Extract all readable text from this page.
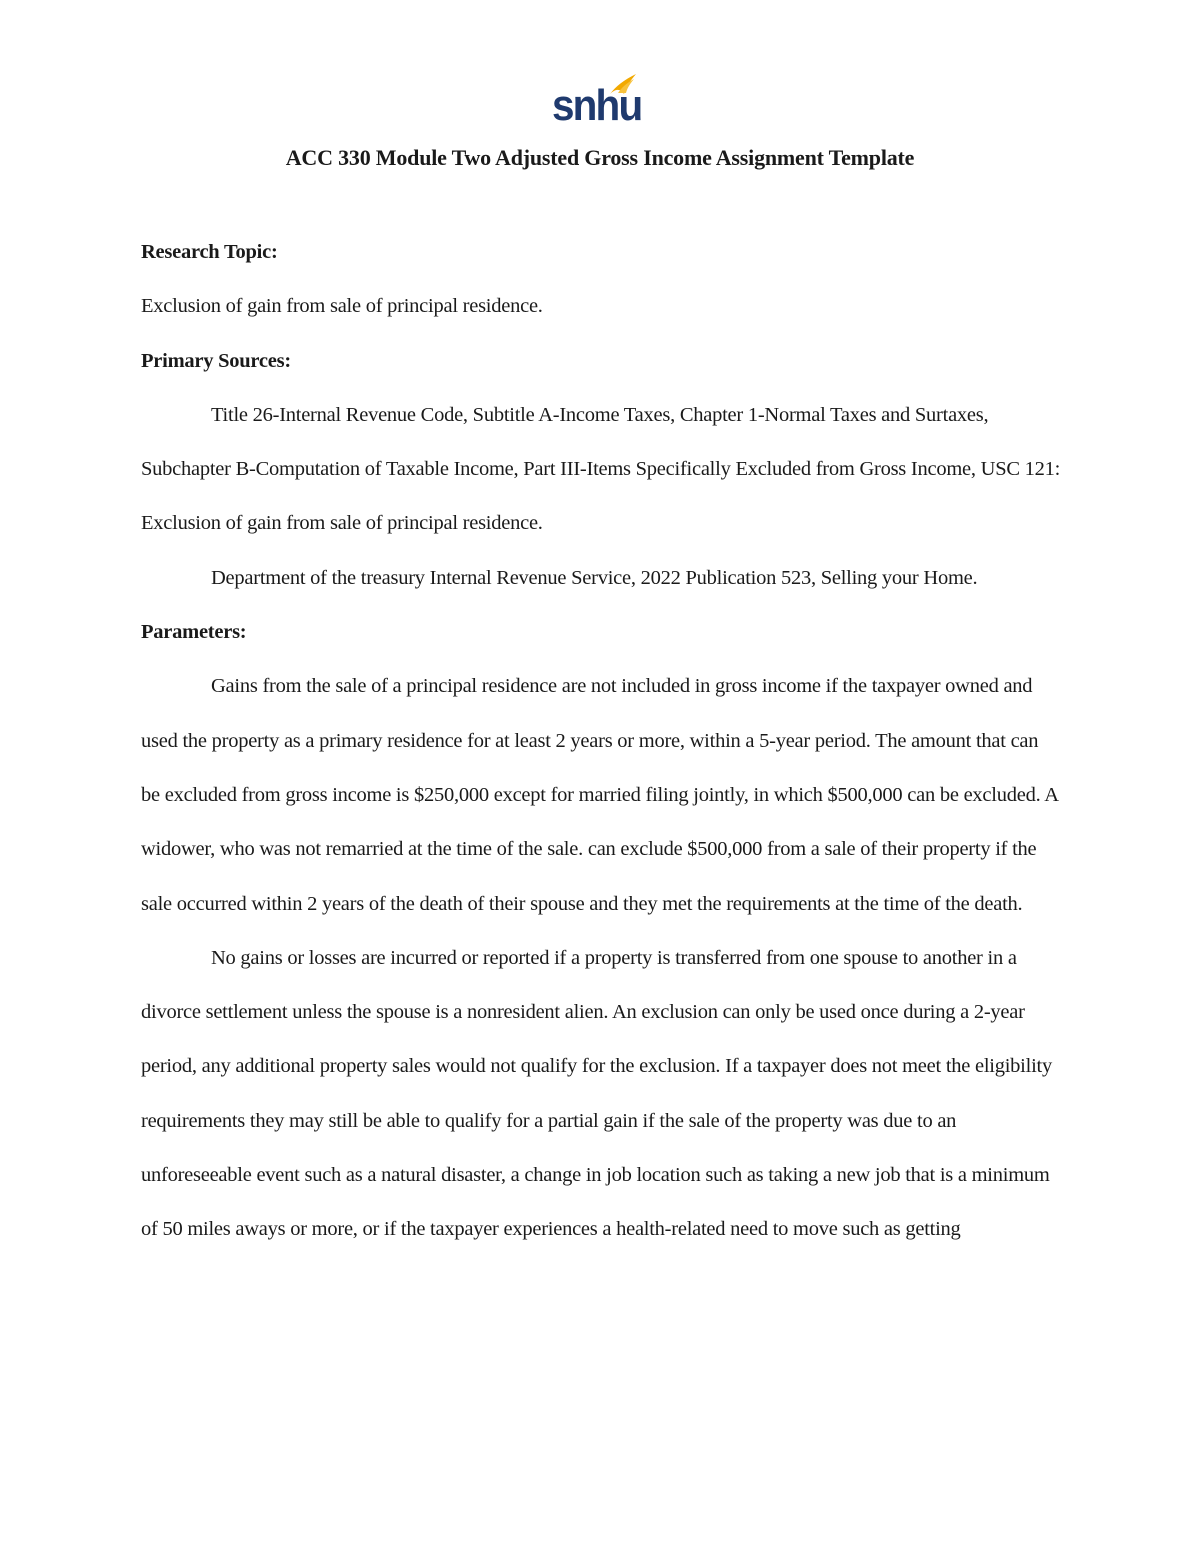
snhu
ACC 330 Module Two Adjusted Gross Income Assignment Template

Research Topic:

Exclusion of gain from sale of principal residence.

Primary Sources:

Title 26-Internal Revenue Code, Subtitle A-Income Taxes, Chapter 1-Normal Taxes and Surtaxes, Subchapter B-Computation of Taxable Income, Part III-Items Specifically Excluded from Gross Income, USC 121: Exclusion of gain from sale of principal residence.

Department of the treasury Internal Revenue Service, 2022 Publication 523, Selling your Home.

Parameters:

Gains from the sale of a principal residence are not included in gross income if the taxpayer owned and used the property as a primary residence for at least 2 years or more, within a 5-year period. The amount that can be excluded from gross income is $250,000 except for married filing jointly, in which $500,000 can be excluded. A widower, who was not remarried at the time of the sale. can exclude $500,000 from a sale of their property if the sale occurred within 2 years of the death of their spouse and they met the requirements at the time of the death.

No gains or losses are incurred or reported if a property is transferred from one spouse to another in a divorce settlement unless the spouse is a nonresident alien. An exclusion can only be used once during a 2-year period, any additional property sales would not qualify for the exclusion. If a taxpayer does not meet the eligibility requirements they may still be able to qualify for a partial gain if the sale of the property was due to an unforeseeable event such as a natural disaster, a change in job location such as taking a new job that is a minimum of 50 miles aways or more, or if the taxpayer experiences a health-related need to move such as getting
